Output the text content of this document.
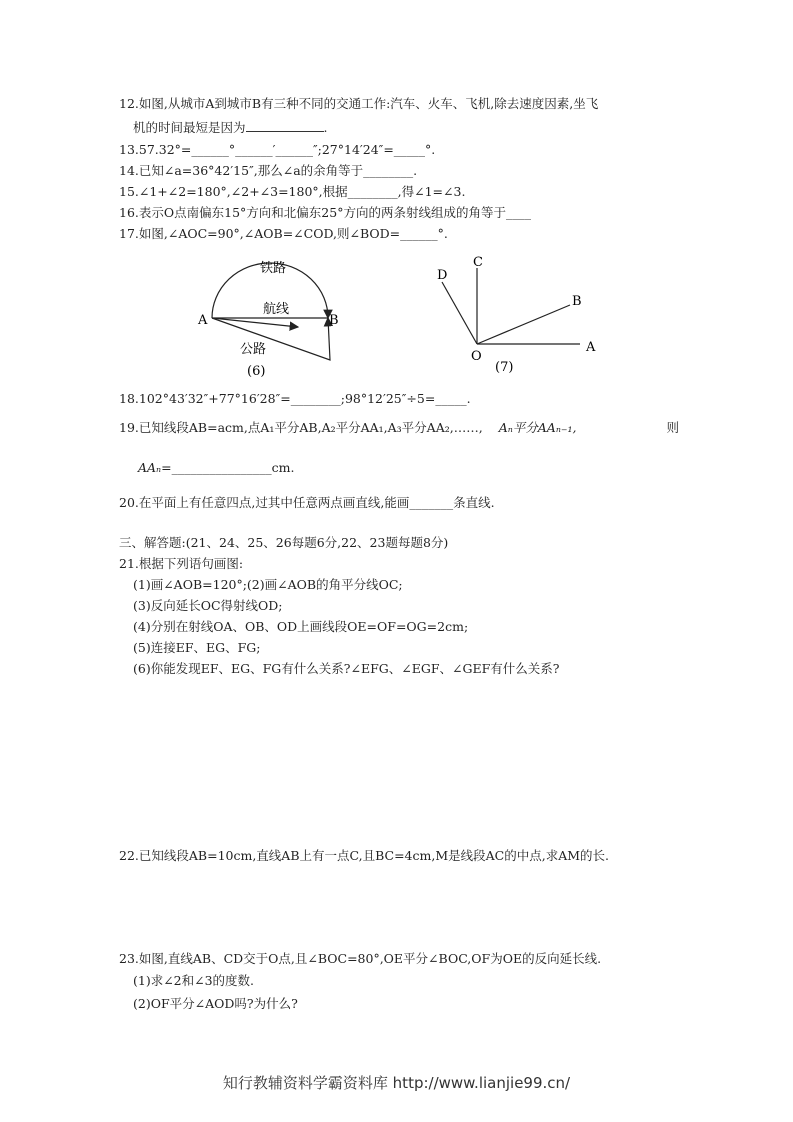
12.如图,从城市A到城市B有三种不同的交通工作:汽车、火车、飞机,除去速度因素,坐飞
机的时间最短是因为	.
13.57.32°=______°______′______″;27°14′24″=_____°.
14.已知∠a=36°42′15″,那么∠a的余角等于________.
15.∠1+∠2=180°,∠2+∠3=180°,根据________,得∠1=∠3.
16.表示O点南偏东15°方向和北偏东25°方向的两条射线组成的角等于____
17.如图,∠AOC=90°,∠AOB=∠COD,则∠BOD=______°.
铁路
航线
公路
A	B
(6)
C
D
B
A
O
(7)
18.102°43′32″+77°16′28″=________;98°12′25″÷5=_____.
19.已知线段AB=acm,点A₁平分AB,A₂平分AA₁,A₃平分AA₂,……, Aₙ平分AAₙ₋₁,	则
AAₙ=________________cm.
20.在平面上有任意四点,过其中任意两点画直线,能画_______条直线.
三、解答题:(21、24、25、26每题6分,22、23题每题8分)
21.根据下列语句画图:
(1)画∠AOB=120°;(2)画∠AOB的角平分线OC;
(3)反向延长OC得射线OD;
(4)分别在射线OA、OB、OD上画线段OE=OF=OG=2cm;
(5)连接EF、EG、FG;
(6)你能发现EF、EG、FG有什么关系?∠EFG、∠EGF、∠GEF有什么关系?
22.已知线段AB=10cm,直线AB上有一点C,且BC=4cm,M是线段AC的中点,求AM的长.
23.如图,直线AB、CD交于O点,且∠BOC=80°,OE平分∠BOC,OF为OE的反向延长线.
(1)求∠2和∠3的度数.
(2)OF平分∠AOD吗?为什么?
知行教辅资料学霸资料库 http://www.lianjie99.cn/
